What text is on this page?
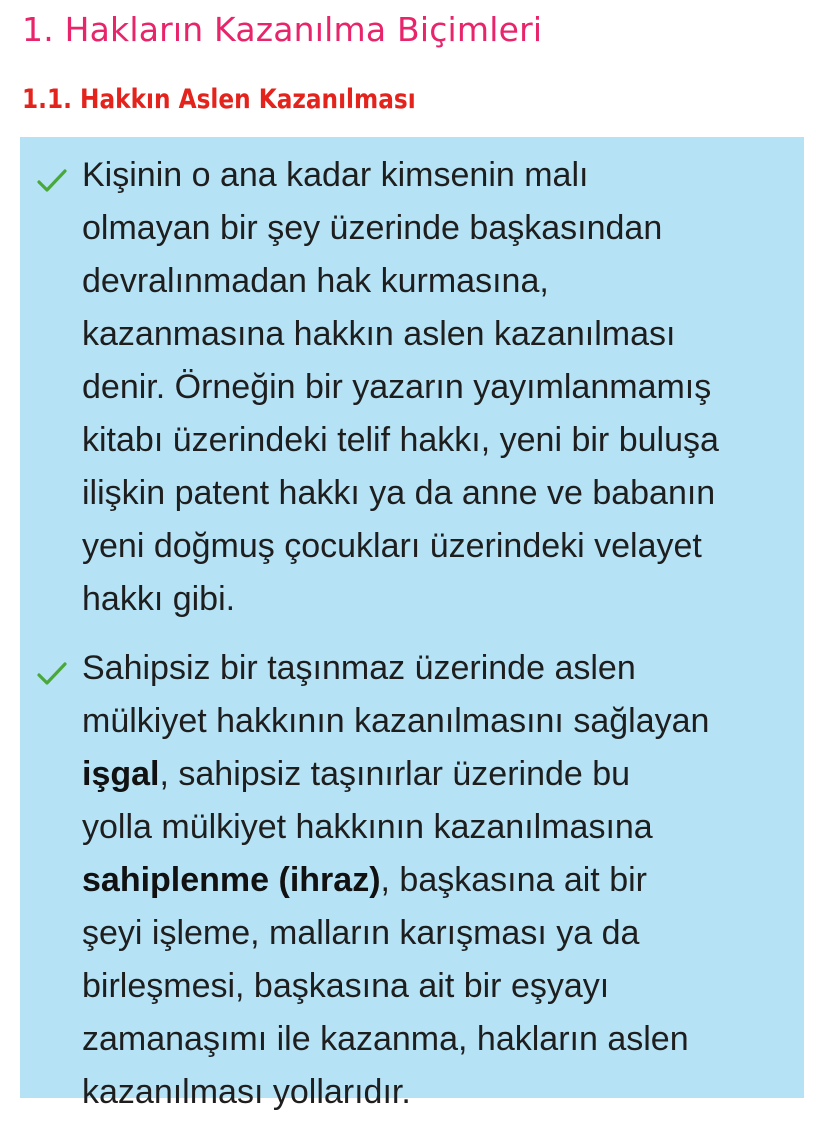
1. Hakların Kazanılma Biçimleri
1.1. Hakkın Aslen Kazanılması

Kişinin o ana kadar kimsenin malı
olmayan bir şey üzerinde başkasından
devralınmadan hak kurmasına,
kazanmasına hakkın aslen kazanılması
denir. Örneğin bir yazarın yayımlanmamış
kitabı üzerindeki telif hakkı, yeni bir buluşa
ilişkin patent hakkı ya da anne ve babanın
yeni doğmuş çocukları üzerindeki velayet
hakkı gibi.

Sahipsiz bir taşınmaz üzerinde aslen
mülkiyet hakkının kazanılmasını sağlayan
işgal, sahipsiz taşınırlar üzerinde bu
yolla mülkiyet hakkının kazanılmasına
sahiplenme (ihraz), başkasına ait bir
şeyi işleme, malların karışması ya da
birleşmesi, başkasına ait bir eşyayı
zamanaşımı ile kazanma, hakların aslen
kazanılması yollarıdır.
